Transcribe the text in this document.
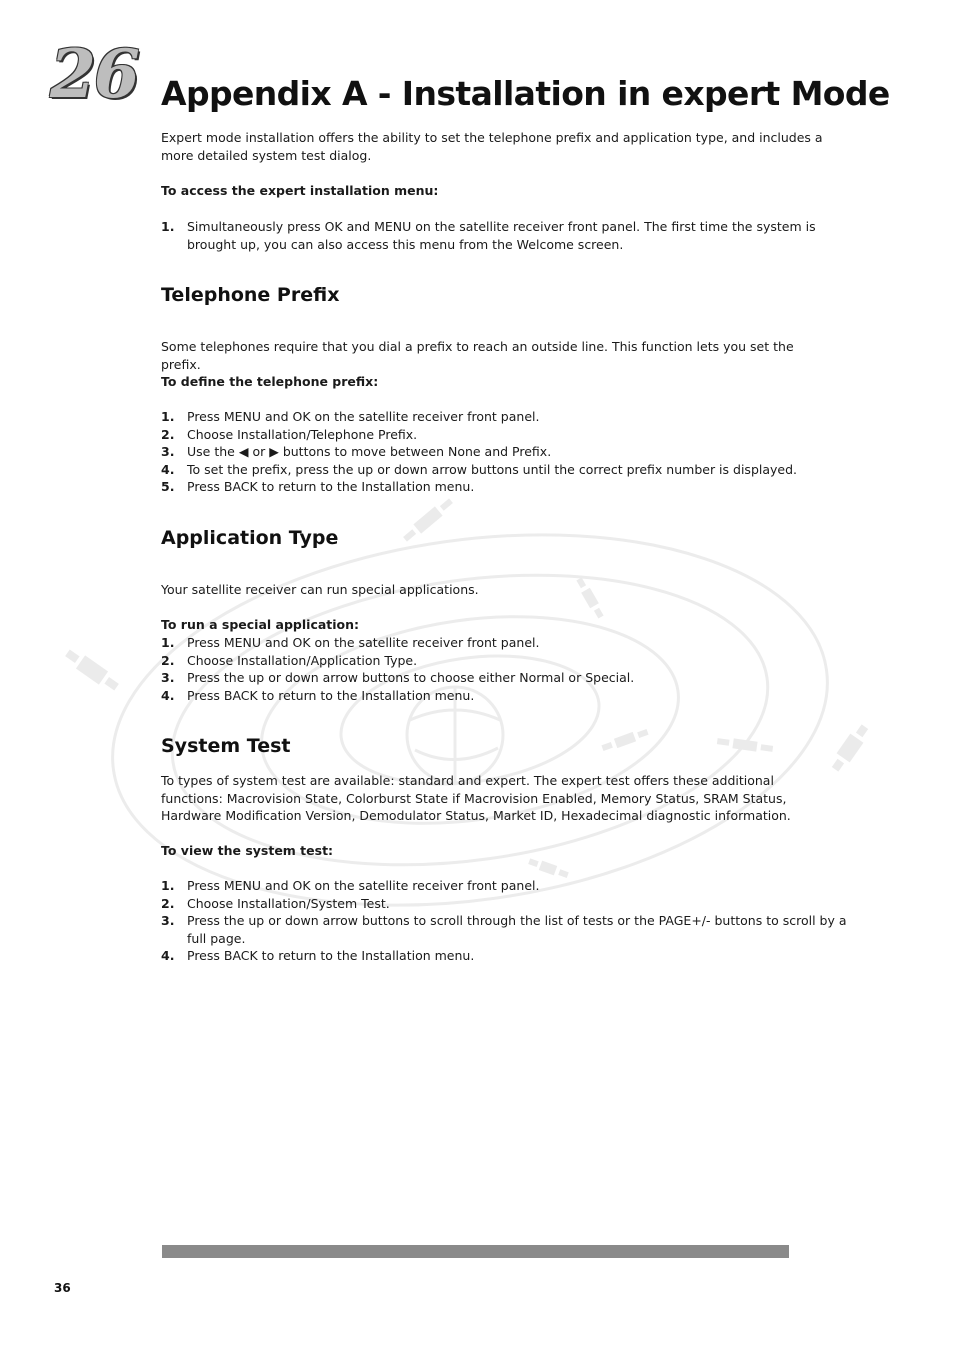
26 Appendix A - Installation in expert Mode

Expert mode installation offers the ability to set the telephone prefix and application type, and includes a more detailed system test dialog.

To access the expert installation menu:

1. Simultaneously press OK and MENU on the satellite receiver front panel. The first time the system is brought up, you can also access this menu from the Welcome screen.
Telephone Prefix

Some telephones require that you dial a prefix to reach an outside line. This function lets you set the prefix.

To define the telephone prefix:

1. Press MENU and OK on the satellite receiver front panel.
2. Choose Installation/Telephone Prefix.
3. Use the ◀ or ▶ buttons to move between None and Prefix.
4. To set the prefix, press the up or down arrow buttons until the correct prefix number is displayed.
5. Press BACK to return to the Installation menu.
Application Type

Your satellite receiver can run special applications.

To run a special application:

1. Press MENU and OK on the satellite receiver front panel.
2. Choose Installation/Application Type.
3. Press the up or down arrow buttons to choose either Normal or Special.
4. Press BACK to return to the Installation menu.
System Test

To types of system test are available: standard and expert. The expert test offers these additional functions: Macrovision State, Colorburst State if Macrovision Enabled, Memory Status, SRAM Status, Hardware Modification Version, Demodulator Status, Market ID, Hexadecimal diagnostic information.

To view the system test:

1. Press MENU and OK on the satellite receiver front panel.
2. Choose Installation/System Test.
3. Press the up or down arrow buttons to scroll through the list of tests or the PAGE+/- buttons to scroll by a full page.
4. Press BACK to return to the Installation menu.
36
